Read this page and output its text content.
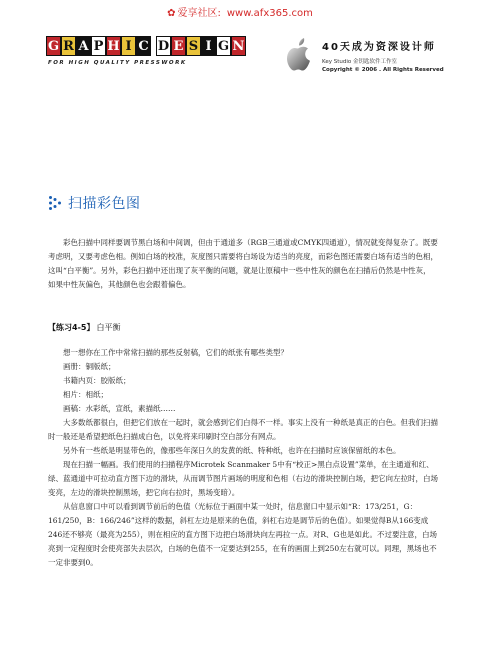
✿ 爱享社区: www.afx365.com
G R A P H I C D E S I G N
FOR HIGH QUALITY PRESSWORK
40天成为资深设计师
Key Studio 金钥匙软件工作室
Copyright © 2006 . All Rights Reserved
扫描彩色图

彩色扫描中同样要调节黑白场和中间调，但由于通道多（RGB三通道或CMYK四通道），情况就变得复杂了。既要考虑明，又要考虑色相。例如白场的校准，灰度图只需要将白场设为适当的亮度，而彩色图还需要白场有适当的色相，这叫“白平衡”。另外，彩色扫描中还出现了灰平衡的问题，就是让原稿中一些中性灰的颜色在扫描后仍然是中性灰，如果中性灰偏色，其他颜色也会跟着偏色。

【练习4-5】 白平衡

想一想你在工作中常常扫描的那些反射稿，它们的纸张有哪些类型？

画册：铜版纸；

书籍内页：胶版纸；

相片：相纸；

画稿：水彩纸，宣纸，素描纸……

大多数纸都很白，但把它们放在一起时，就会感到它们白得不一样。事实上没有一种纸是真正的白色。但我们扫描时一般还是希望把纸色扫描成白色，以免将来印刷时空白部分有网点。

另外有一些纸是明显带色的，像那些年深日久的发黄的纸、特种纸，也许在扫描时应该保留纸的本色。

现在扫描一幅画。我们使用的扫描程序Microtek Scanmaker 5中有“校正>黑白点设置”菜单，在主通道和红、绿、蓝通道中可拉动直方图下边的滑块，从而调节图片画场的明度和色相（右边的滑块控制白场，把它向左拉时，白场变亮，左边的滑块控制黑场，把它向右拉时，黑场变暗）。

从信息窗口中可以看到调节前后的色值（光标位于画面中某一处时，信息窗口中显示如“R：173/251，G：161/250，B：166/246”这样的数据，斜杠左边是原来的色值，斜杠右边是调节后的色值）。如果觉得B从166变成246还不够亮（最亮为255），则在相应的直方图下边把白场滑块向左再拉一点。对R、G也是如此。不过要注意，白场亮到一定程度时会使亮部失去层次，白场的色值不一定要达到255，在有的画面上到250左右就可以。同理，黑场也不一定非要到0。
